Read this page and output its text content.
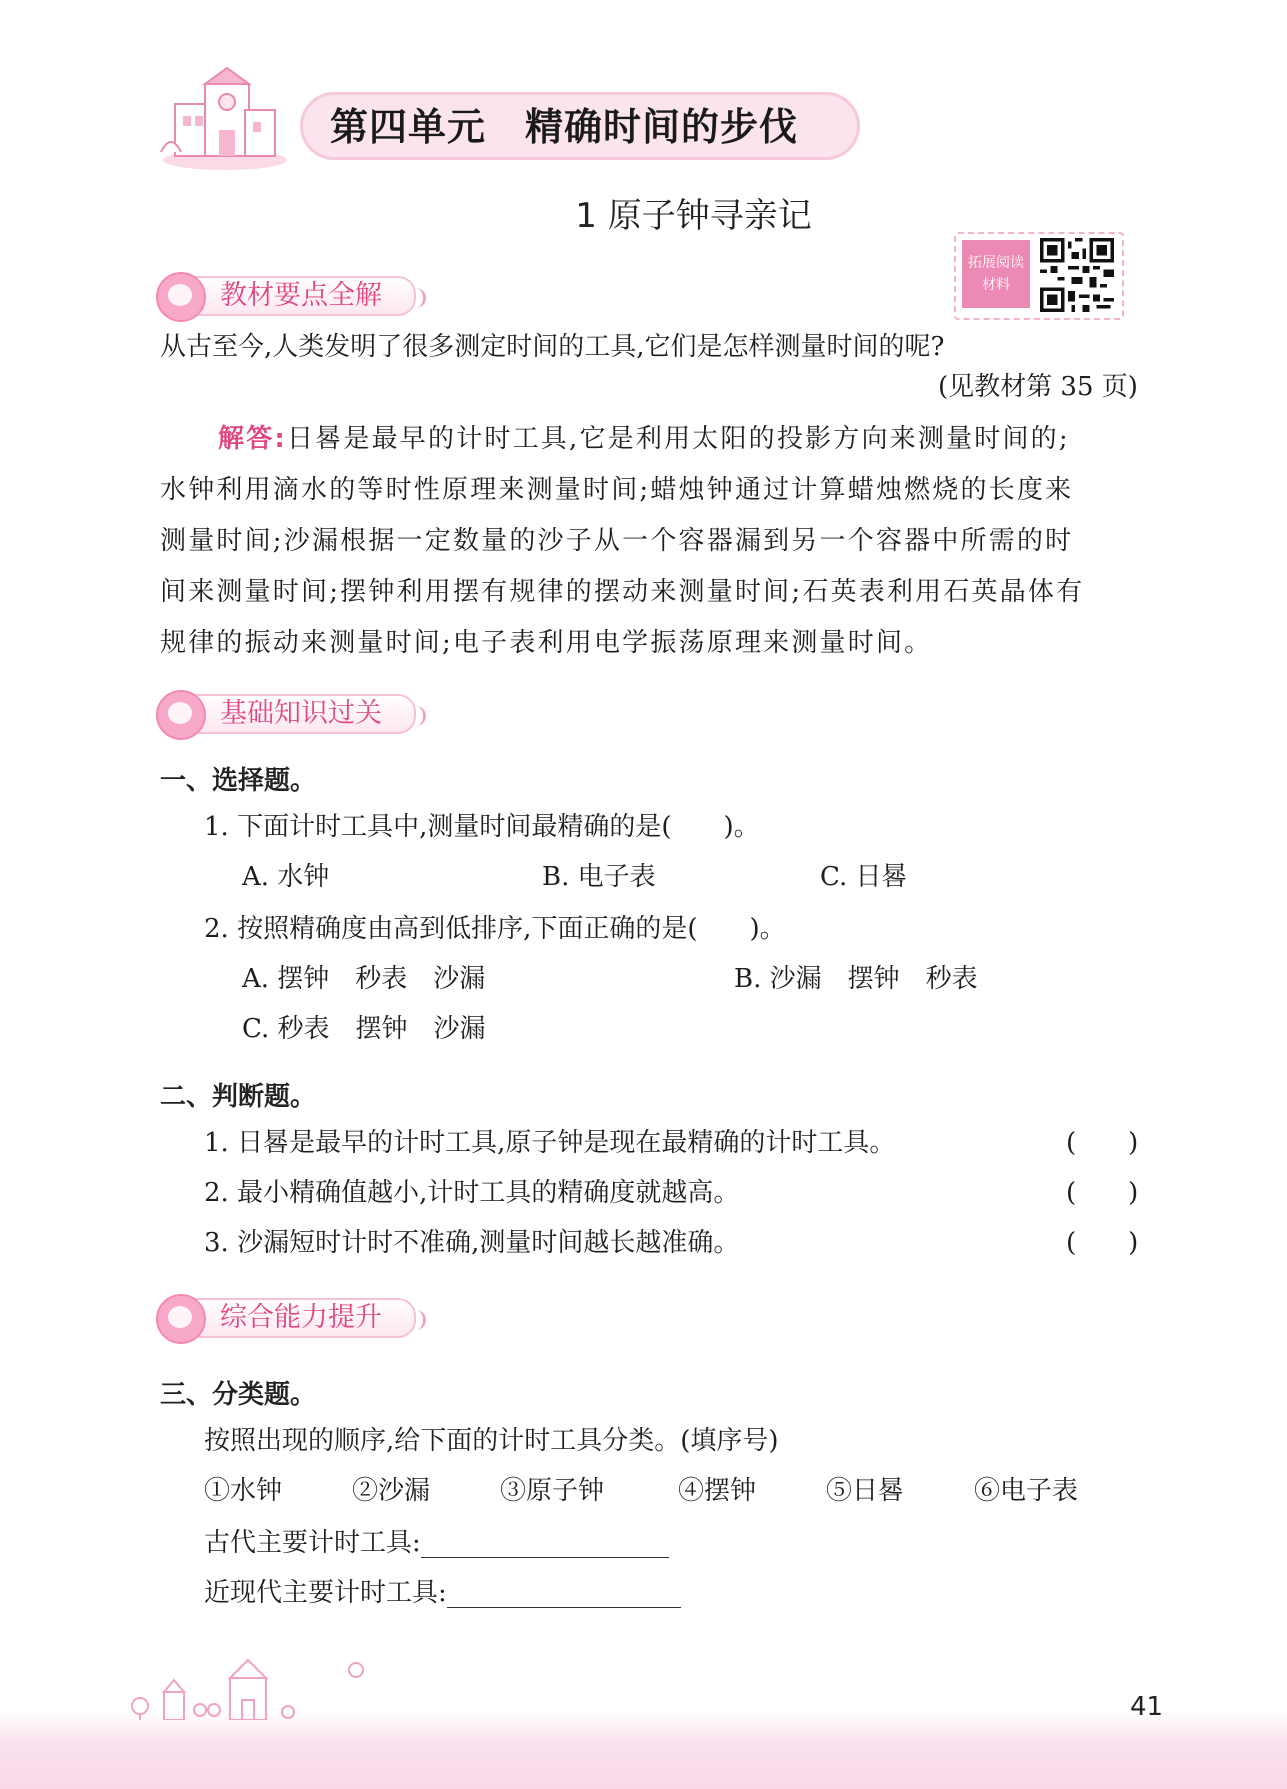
第四单元　精确时间的步伐
1 原子钟寻亲记
拓展阅读材料
教材要点全解
从古至今,人类发明了很多测定时间的工具,它们是怎样测量时间的呢?
(见教材第 35 页)
解答:日晷是最早的计时工具,它是利用太阳的投影方向来测量时间的;
水钟利用滴水的等时性原理来测量时间;蜡烛钟通过计算蜡烛燃烧的长度来
测量时间;沙漏根据一定数量的沙子从一个容器漏到另一个容器中所需的时
间来测量时间;摆钟利用摆有规律的摆动来测量时间;石英表利用石英晶体有
规律的振动来测量时间;电子表利用电学振荡原理来测量时间。
基础知识过关
一、选择题。
1. 下面计时工具中,测量时间最精确的是(　　)。
A. 水钟	B. 电子表	C. 日晷
2. 按照精确度由高到低排序,下面正确的是(　　)。
A. 摆钟　秒表　沙漏	B. 沙漏　摆钟　秒表
C. 秒表　摆钟　沙漏
二、判断题。
1. 日晷是最早的计时工具,原子钟是现在最精确的计时工具。	(　　)
2. 最小精确值越小,计时工具的精确度就越高。	(　　)
3. 沙漏短时计时不准确,测量时间越长越准确。	(　　)
综合能力提升
三、分类题。
按照出现的顺序,给下面的计时工具分类。(填序号)
①水钟	②沙漏	③原子钟	④摆钟	⑤日晷	⑥电子表
古代主要计时工具:
近现代主要计时工具:
41
